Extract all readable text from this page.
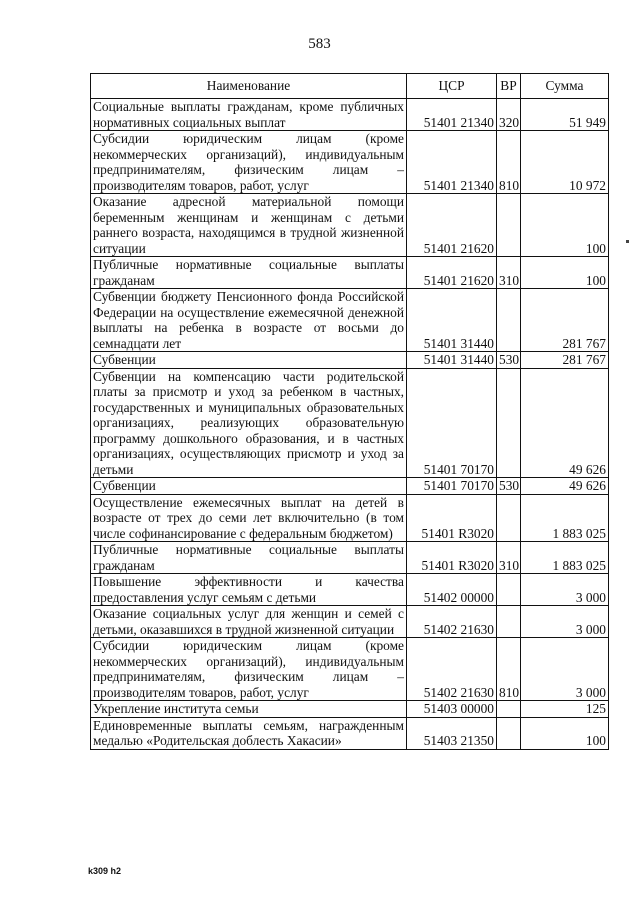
583
Наименование	ЦСР	ВР	Сумма
Социальные выплаты гражданам, кроме публичных нормативных социальных выплат	51401 21340	320	51 949
Субсидии юридическим лицам (кроме некоммерческих организаций), индивидуальным предпринимателям, физическим лицам – производителям товаров, работ, услуг	51401 21340	810	10 972
Оказание адресной материальной помощи беременным женщинам и женщинам с детьми раннего возраста, находящимся в трудной жизненной ситуации	51401 21620		100
Публичные нормативные социальные выплаты гражданам	51401 21620	310	100
Субвенции бюджету Пенсионного фонда Российской Федерации на осуществление ежемесячной денежной выплаты на ребенка в возрасте от восьми до семнадцати лет	51401 31440		281 767
Субвенции	51401 31440	530	281 767
Субвенции на компенсацию части родительской платы за присмотр и уход за ребенком в частных, государственных и муниципальных образовательных организациях, реализующих образовательную программу дошкольного образования, и в частных организациях, осуществляющих присмотр и уход за детьми	51401 70170		49 626
Субвенции	51401 70170	530	49 626
Осуществление ежемесячных выплат на детей в возрасте от трех до семи лет включительно (в том числе софинансирование с федеральным бюджетом)	51401 R3020		1 883 025
Публичные нормативные социальные выплаты гражданам	51401 R3020	310	1 883 025
Повышение эффективности и качества предоставления услуг семьям с детьми	51402 00000		3 000
Оказание социальных услуг для женщин и семей с детьми, оказавшихся в трудной жизненной ситуации	51402 21630		3 000
Субсидии юридическим лицам (кроме некоммерческих организаций), индивидуальным предпринимателям, физическим лицам – производителям товаров, работ, услуг	51402 21630	810	3 000
Укрепление института семьи	51403 00000		125
Единовременные выплаты семьям, награжденным медалью «Родительская доблесть Хакасии»	51403 21350		100
k309 h2
